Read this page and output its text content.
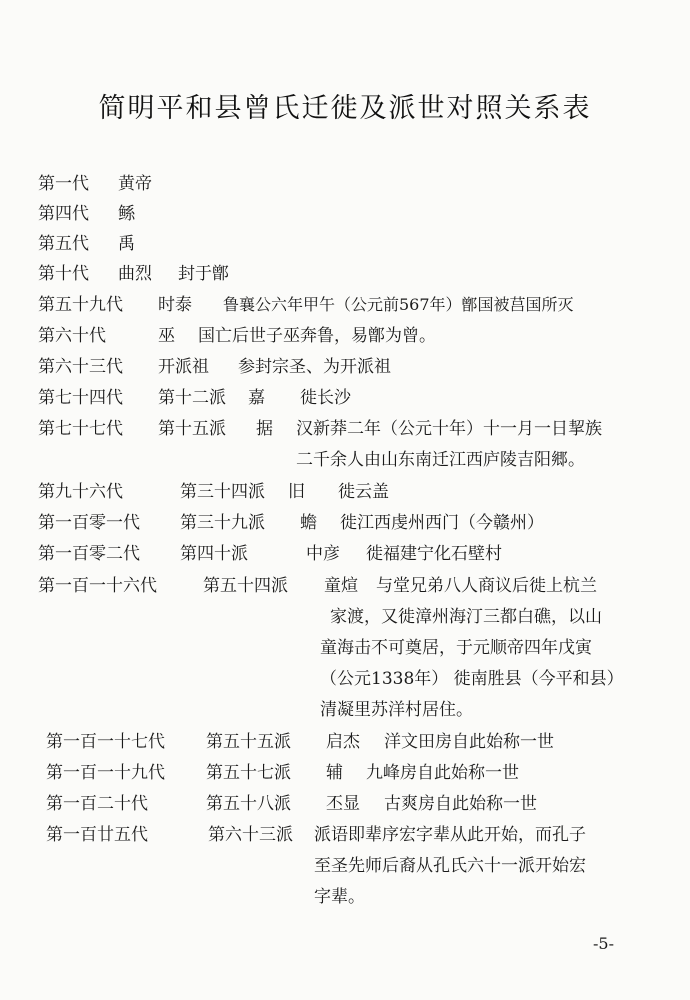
简明平和县曾氏迁徙及派世对照关系表
第一代 黄帝
第四代 鲧
第五代 禹
第十代 曲烈 封于鄫
第五十九代 时泰 鲁襄公六年甲午（公元前567年）鄫国被莒国所灭
第六十代	巫 国亡后世子巫奔鲁，易鄫为曾。
第六十三代 开派祖 参封宗圣、为开派祖
第七十四代 第十二派 嘉 徙长沙
第七十七代 第十五派 据 汉新莽二年（公元十年）十一月一日挈族
二千余人由山东南迁江西庐陵吉阳郷。
第九十六代	第三十四派 旧 徙云盖
第一百零一代 第三十九派 蟾 徙江西虔州西门（今赣州）
第一百零二代 第四十派	中彦 徙福建宁化石壁村
第一百一十六代	第五十四派 童煊 与堂兄弟八人商议后徙上杭兰
家渡，又徙漳州海汀三都白礁，以山
童海击不可奠居，于元顺帝四年戊寅
（公元1338年） 徙南胜县（今平和县）
清凝里苏洋村居住。
第一百一十七代 第五十五派 启杰 洋文田房自此始称一世
第一百一十九代 第五十七派 辅 九峰房自此始称一世
第一百二十代	第五十八派 丕显 古爽房自此始称一世
第一百廿五代	第六十三派 派语即辈序宏字辈从此开始，而孔子
至圣先师后裔从孔氏六十一派开始宏
字辈。
-5-
